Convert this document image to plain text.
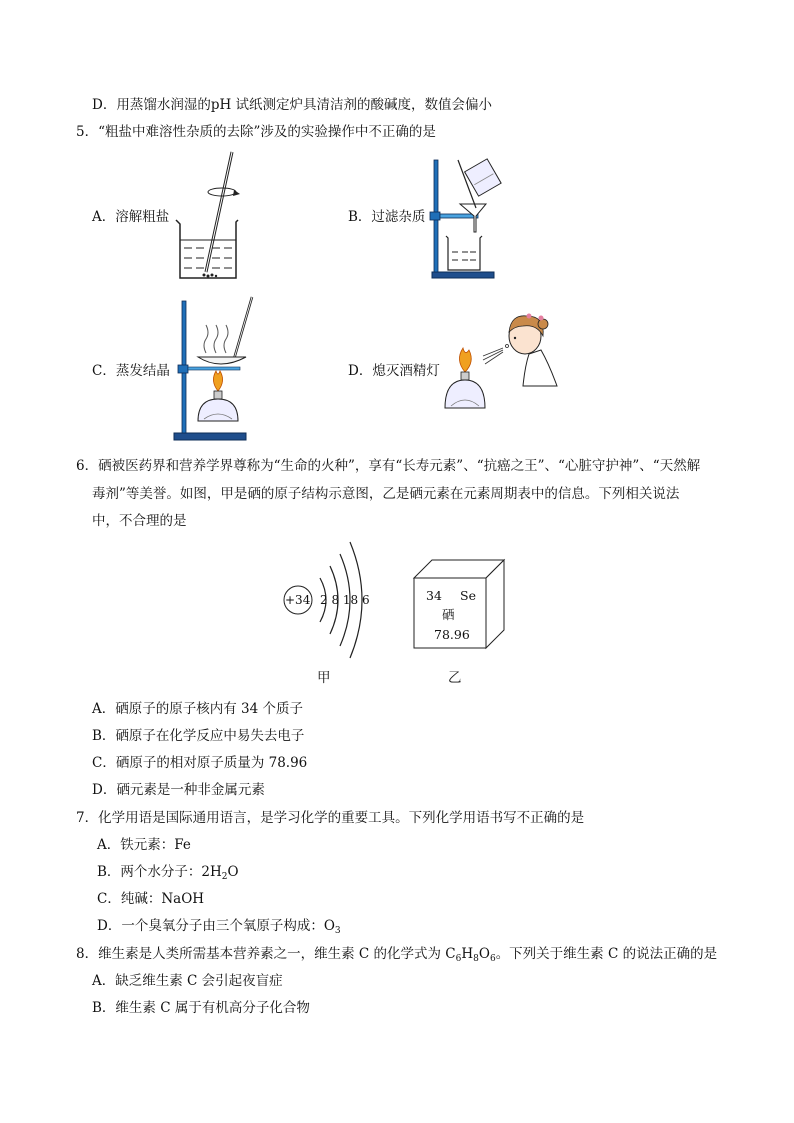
D．用蒸馏水润湿的pH 试纸测定炉具清洁剂的酸碱度，数值会偏小
5．“粗盐中难溶性杂质的去除”涉及的实验操作中不正确的是
A．溶解粗盐	B．过滤杂质
C．蒸发结晶	D．熄灭酒精灯
6．硒被医药界和营养学界尊称为“生命的火种”，享有“长寿元素”、“抗癌之王”、“心脏守护神”、“天然解
毒剂”等美誉。如图，甲是硒的原子结构示意图，乙是硒元素在元素周期表中的信息。下列相关说法
中，不合理的是
+34 2 8 18 6
甲
34 Se
硒
78.96
乙
A．硒原子的原子核内有 34 个质子
B．硒原子在化学反应中易失去电子
C．硒原子的相对原子质量为 78.96
D．硒元素是一种非金属元素
7．化学用语是国际通用语言，是学习化学的重要工具。下列化学用语书写不正确的是
A．铁元素：Fe
B．两个水分子：$2H_2O$
C．纯碱：NaOH
D．一个臭氧分子由三个氧原子构成：$O_3$
8．维生素是人类所需基本营养素之一，维生素 C 的化学式为 $C_6H_8O_6$。下列关于维生素 C 的说法正确的是
A．缺乏维生素 C 会引起夜盲症
B．维生素 C 属于有机高分子化合物
